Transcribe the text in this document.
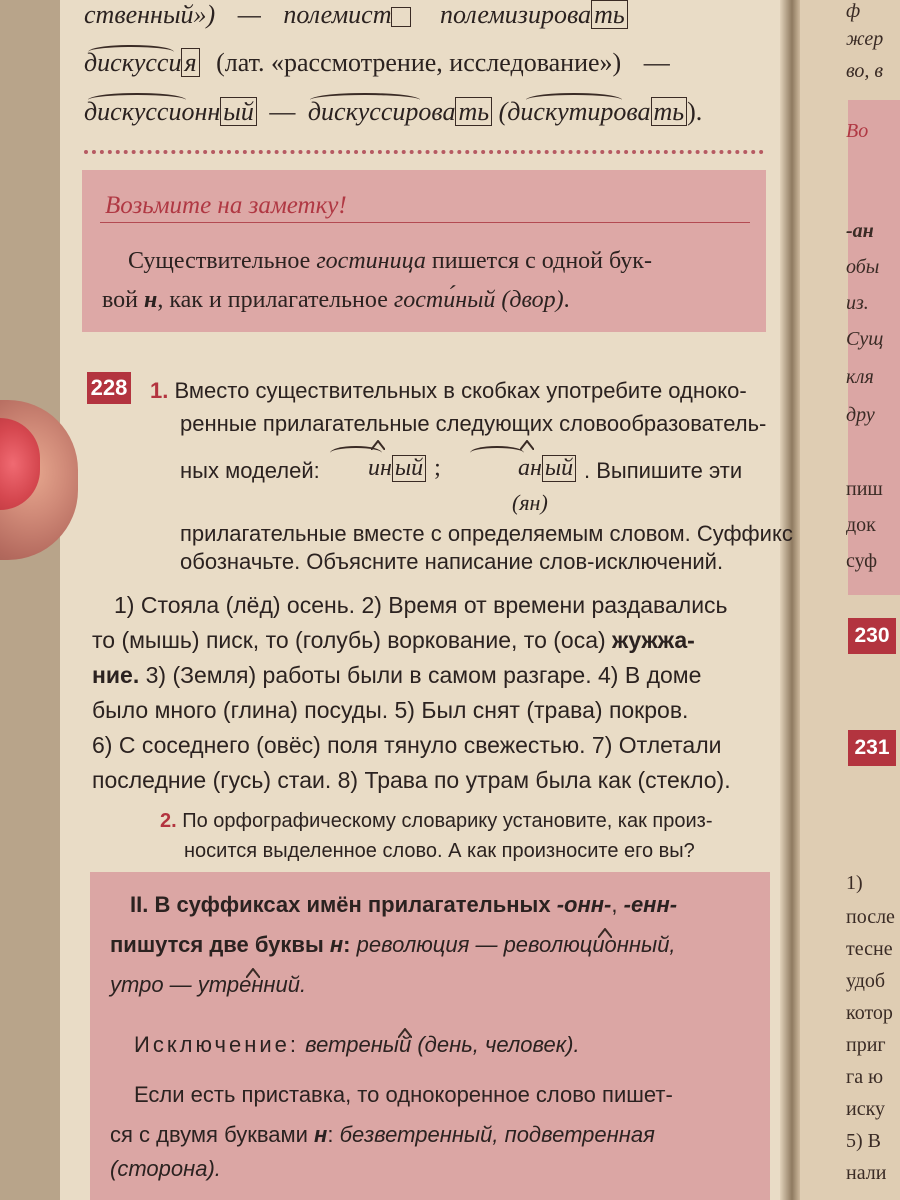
ственный») — полемист полемизирова ть
дискусси я (лат. «рассмотрение, исследование») —
дискуссионн ый — дискуссирова ть (дискутирова ть ).
Возьмите на заметку!
Существительное гостиница пишется с одной бук-
вой н, как и прилагательное гости́ный (двор).
228 1. Вместо существительных в скобках употребите одноко-
ренные прилагательные следующих словообразователь-
ных моделей: ин ый ;	ан ый
(ян)
. Выпишите эти
прилагательные вместе с определяемым словом. Суффикс
обозначьте. Объясните написание слов-исключений.
1) Стояла (лёд) осень. 2) Время от времени раздавались
то (мышь) писк, то (голубь) воркование, то (оса) жужжа-
ние. 3) (Земля) работы были в самом разгаре. 4) В доме
было много (глина) посуды. 5) Был снят (трава) покров.
6) С соседнего (овёс) поля тянуло свежестью. 7) Отлетали
последние (гусь) стаи. 8) Трава по утрам была как (стекло).
2. По орфографическому словарику установите, как произ-
носится выделенное слово. А как произносите его вы?
II. В суффиксах имён прилагательных -онн-, -енн-
пишутся две буквы н: революция — революционный,
утро — утренний.
Исключение: ветреный (день, человек).
Если есть приставка, то однокоренное слово пишет-
ся с двумя буквами н: безветренный, подветренная
(сторона).
ф
жер
во, в
Во
-ан
обы
из.
Сущ
кля
дру
пиш
док
суф
230
231
1)
после
тесне
удоб
котор
приг
га ю
иску
5) В
нали
